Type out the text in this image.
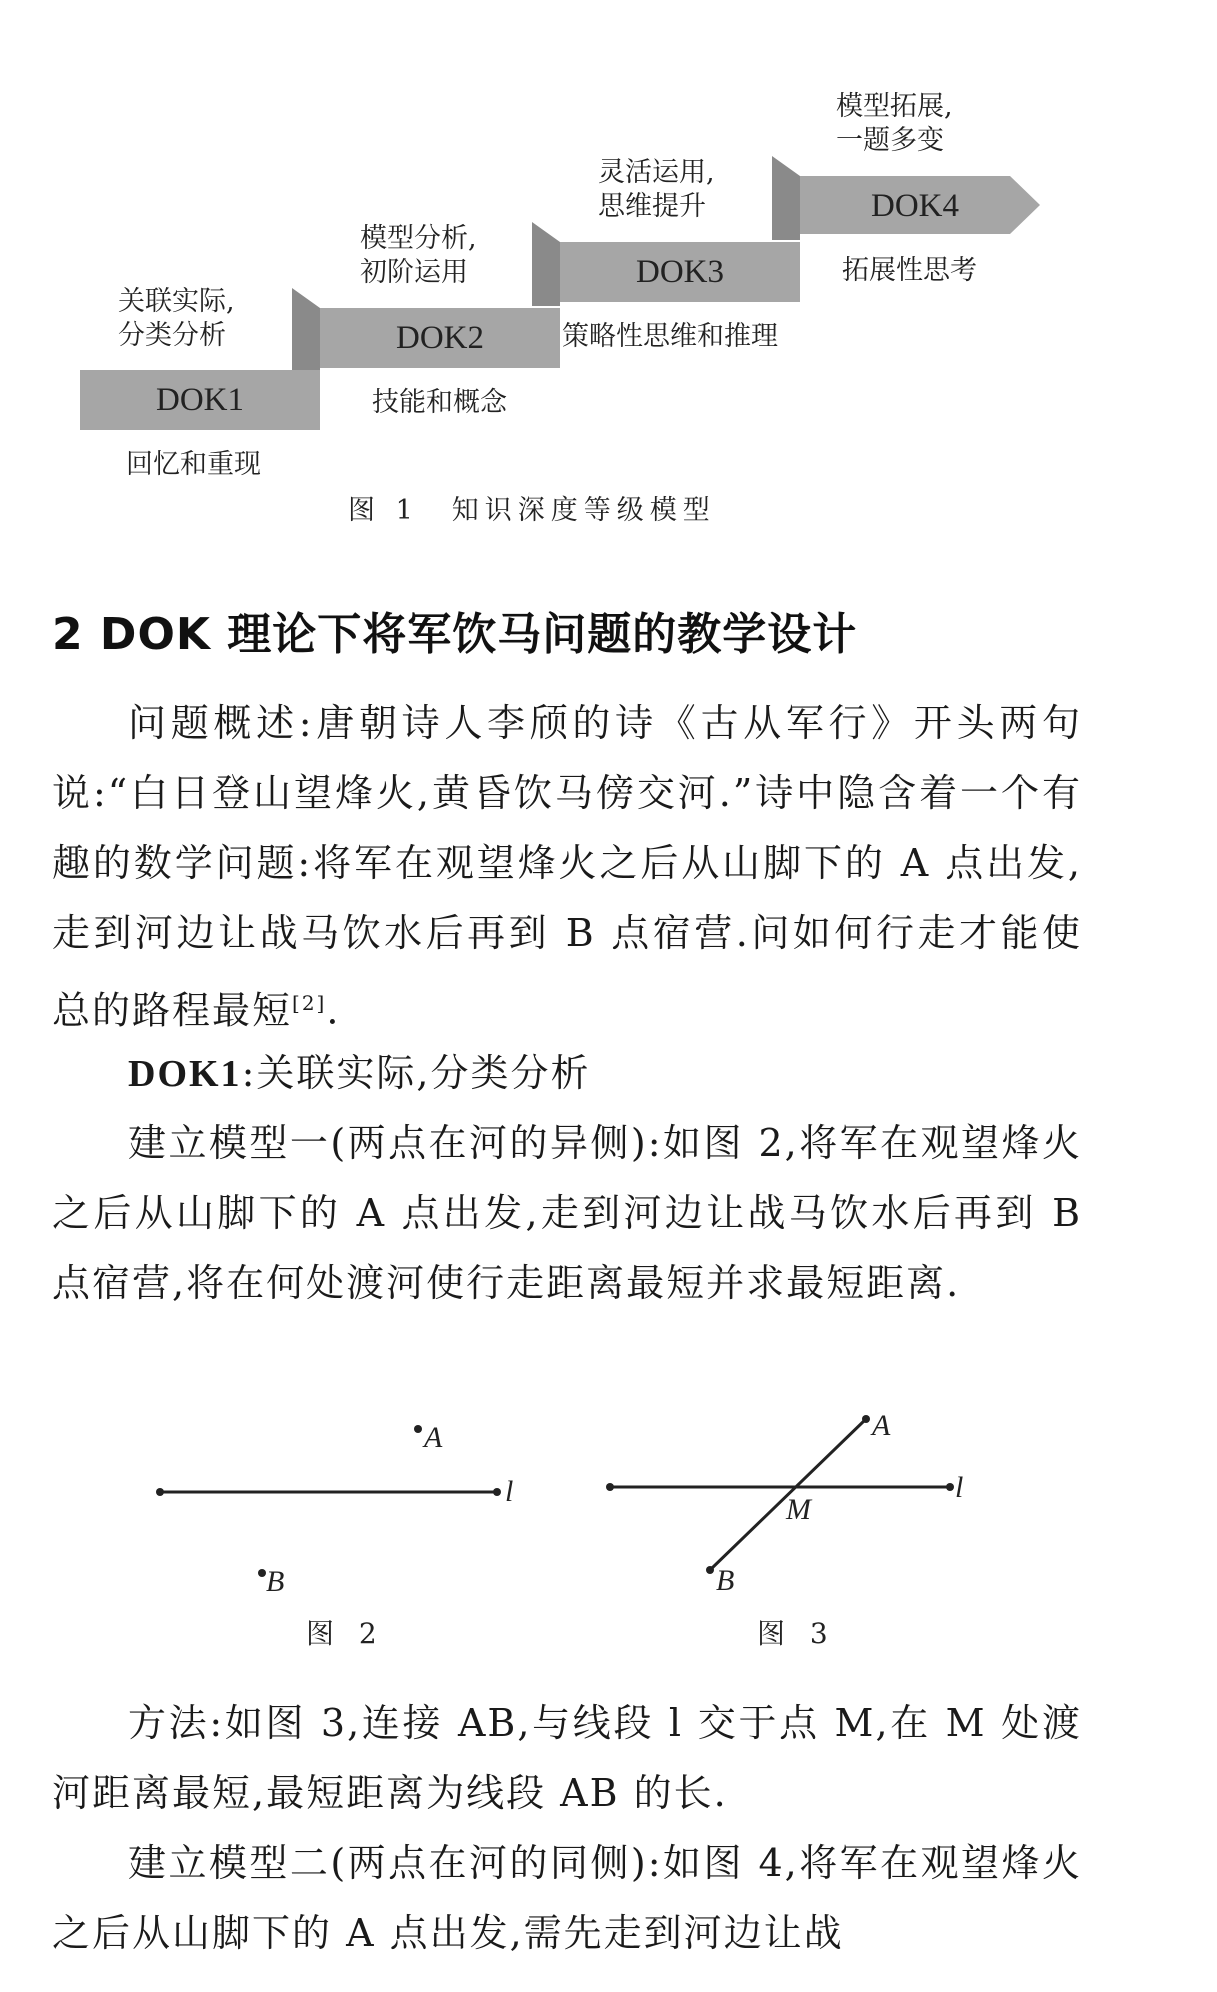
DOK1
DOK2
DOK3
DOK4
关联实际,
分类分析
模型分析,
初阶运用
灵活运用,
思维提升
模型拓展,
一题多变
回忆和重现
技能和概念
策略性思维和推理
拓展性思考
图 1　知识深度等级模型
2 DOK 理论下将军饮马问题的教学设计
问题概述:唐朝诗人李颀的诗《古从军行》开头两句说:“白日登山望烽火,黄昏饮马傍交河.”诗中隐含着一个有趣的数学问题:将军在观望烽火之后从山脚下的 A 点出发,走到河边让战马饮水后再到 B 点宿营.问如何行走才能使总的路程最短[2].
DOK1:关联实际,分类分析
建立模型一(两点在河的异侧):如图 2,将军在观望烽火之后从山脚下的 A 点出发,走到河边让战马饮水后再到 B 点宿营,将在何处渡河使行走距离最短并求最短距离.
l
A
B
图 2
l
A
B
M
图 3
方法:如图 3,连接 AB,与线段 l 交于点 M,在 M 处渡河距离最短,最短距离为线段 AB 的长.
建立模型二(两点在河的同侧):如图 4,将军在观望烽火之后从山脚下的 A 点出发,需先走到河边让战
